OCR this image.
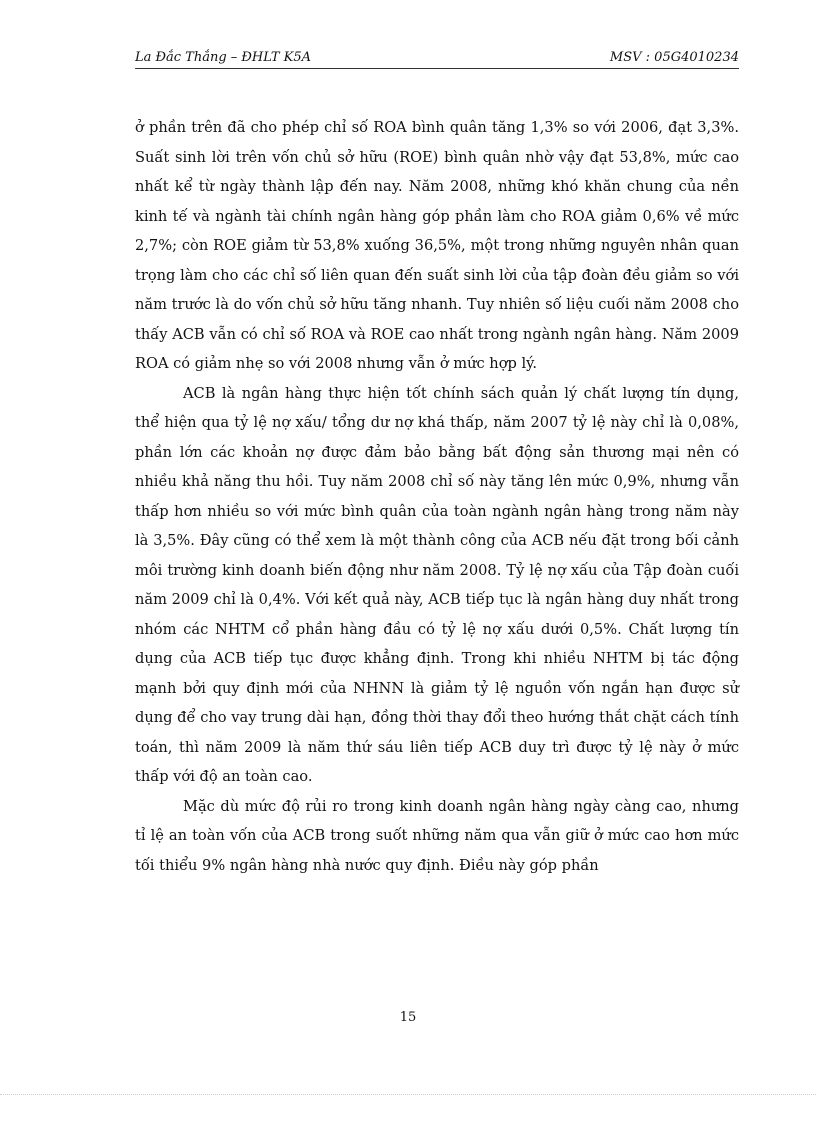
La Đắc Thắng – ĐHLT K5A	MSV : 05G4010234

ở phần trên đã cho phép chỉ số ROA bình quân tăng 1,3% so với 2006, đạt 3,3%. Suất sinh lời trên vốn chủ sở hữu (ROE) bình quân nhờ vậy đạt 53,8%, mức cao nhất kể từ ngày thành lập đến nay. Năm 2008, những khó khăn chung của nền kinh tế và ngành tài chính ngân hàng góp phần làm cho ROA giảm 0,6% về mức 2,7%; còn ROE giảm từ 53,8% xuống 36,5%, một trong những nguyên nhân quan trọng làm cho các chỉ số liên quan đến suất sinh lời của tập đoàn đều giảm so với năm trước là do vốn chủ sở hữu tăng nhanh. Tuy nhiên số liệu cuối năm 2008 cho thấy ACB vẫn có chỉ số ROA và ROE cao nhất trong ngành ngân hàng. Năm 2009 ROA có giảm nhẹ so với 2008 nhưng vẫn ở mức hợp lý.

ACB là ngân hàng thực hiện tốt chính sách quản lý chất lượng tín dụng, thể hiện qua tỷ lệ nợ xấu/ tổng dư nợ khá thấp, năm 2007 tỷ lệ này chỉ là 0,08%, phần lớn các khoản nợ được đảm bảo bằng bất động sản thương mại nên có nhiều khả năng thu hồi. Tuy năm 2008 chỉ số này tăng lên mức 0,9%, nhưng vẫn thấp hơn nhiều so với mức bình quân của toàn ngành ngân hàng trong năm này là 3,5%. Đây cũng có thể xem là một thành công của ACB nếu đặt trong bối cảnh môi trường kinh doanh biến động như năm 2008. Tỷ lệ nợ xấu của Tập đoàn cuối năm 2009 chỉ là 0,4%. Với kết quả này, ACB tiếp tục là ngân hàng duy nhất trong nhóm các NHTM cổ phần hàng đầu có tỷ lệ nợ xấu dưới 0,5%. Chất lượng tín dụng của ACB tiếp tục được khẳng định. Trong khi nhiều NHTM bị tác động mạnh bởi quy định mới của NHNN là giảm tỷ lệ nguồn vốn ngắn hạn được sử dụng để cho vay trung dài hạn, đồng thời thay đổi theo hướng thắt chặt cách tính toán, thì năm 2009 là năm thứ sáu liên tiếp ACB duy trì được tỷ lệ này ở mức thấp với độ an toàn cao.

Mặc dù mức độ rủi ro trong kinh doanh ngân hàng ngày càng cao, nhưng tỉ lệ an toàn vốn của ACB trong suốt những năm qua vẫn giữ ở mức cao hơn mức tối thiểu 9% ngân hàng nhà nước quy định. Điều này góp phần

15
